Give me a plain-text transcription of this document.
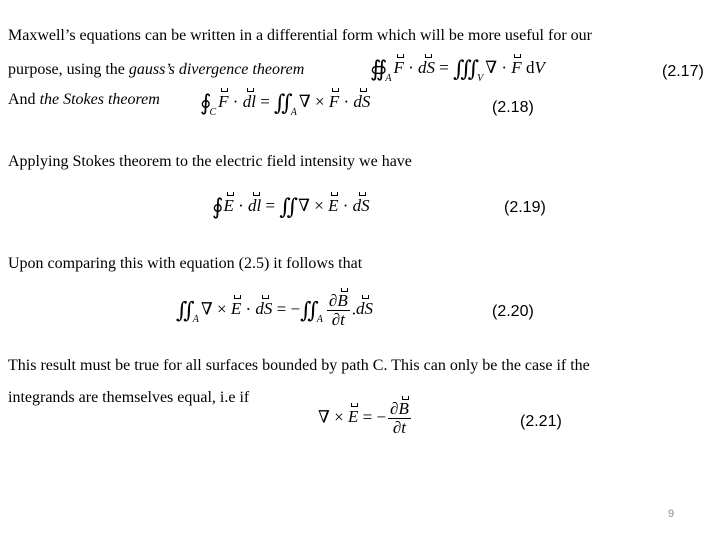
Maxwell’s equations can be written in a differential form which will be more useful for our
purpose, using the gauss’s divergence theorem
And the Stokes theorem
Applying Stokes theorem to the electric field intensity we have
Upon comparing this with equation (2.5) it follows that
This result must be true for all surfaces bounded by path C. This can only be the case if the
integrands are themselves equal, i.e if
$∯_AF$ · dS = $∭_V\nabla \cdot F$ dV	(2.17)
$∮_CF$ · dl = $∬_A\nabla \times F$ · dS	(2.18)
∮E · dl = ∬∇ × E · dS	(2.19)
$∬_A\nabla \times E$ · dS = $-∬_A \frac{\partial B}{\partial t} .dS$	(2.20)
∇ × E = − $\frac{\partial B}{\partial t}$	(2.21)
9
